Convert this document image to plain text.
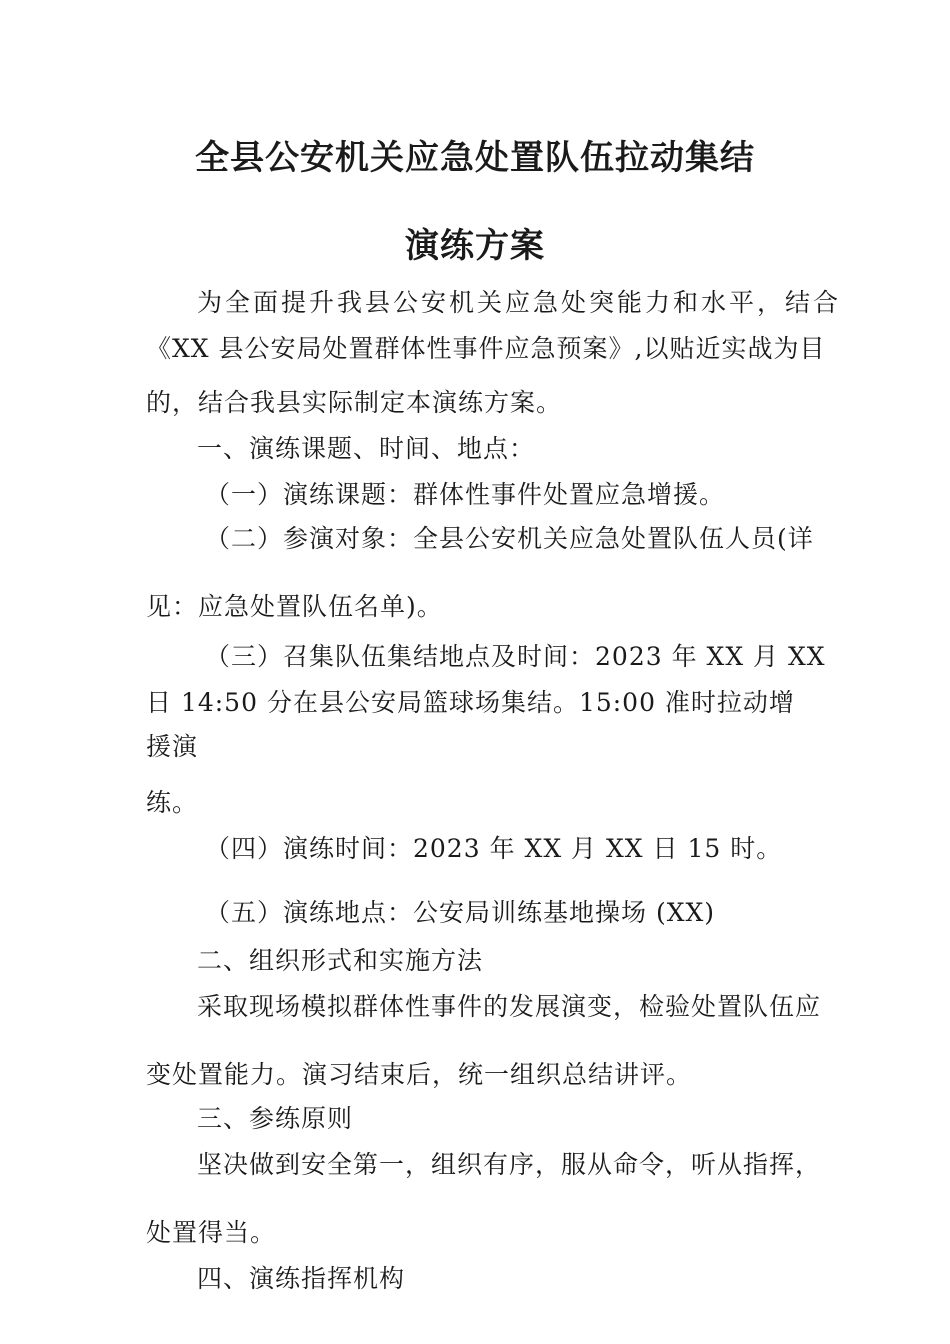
全县公安机关应急处置队伍拉动集结
演练方案
为全面提升我县公安机关应急处突能力和水平，结合
《XX 县公安局处置群体性事件应急预案》,以贴近实战为目
的，结合我县实际制定本演练方案。
一、演练课题、时间、地点：
（一）演练课题：群体性事件处置应急增援。
（二）参演对象：全县公安机关应急处置队伍人员(详
见：应急处置队伍名单)。
（三）召集队伍集结地点及时间：2023 年 XX 月 XX
日 14:50 分在县公安局篮球场集结。15:00 准时拉动增
援演
练。
（四）演练时间：2023 年 XX 月 XX 日 15 时。
（五）演练地点：公安局训练基地操场 (XX)
二、组织形式和实施方法
采取现场模拟群体性事件的发展演变，检验处置队伍应
变处置能力。演习结束后，统一组织总结讲评。
三、参练原则
坚决做到安全第一，组织有序，服从命令，听从指挥，
处置得当。
四、演练指挥机构
